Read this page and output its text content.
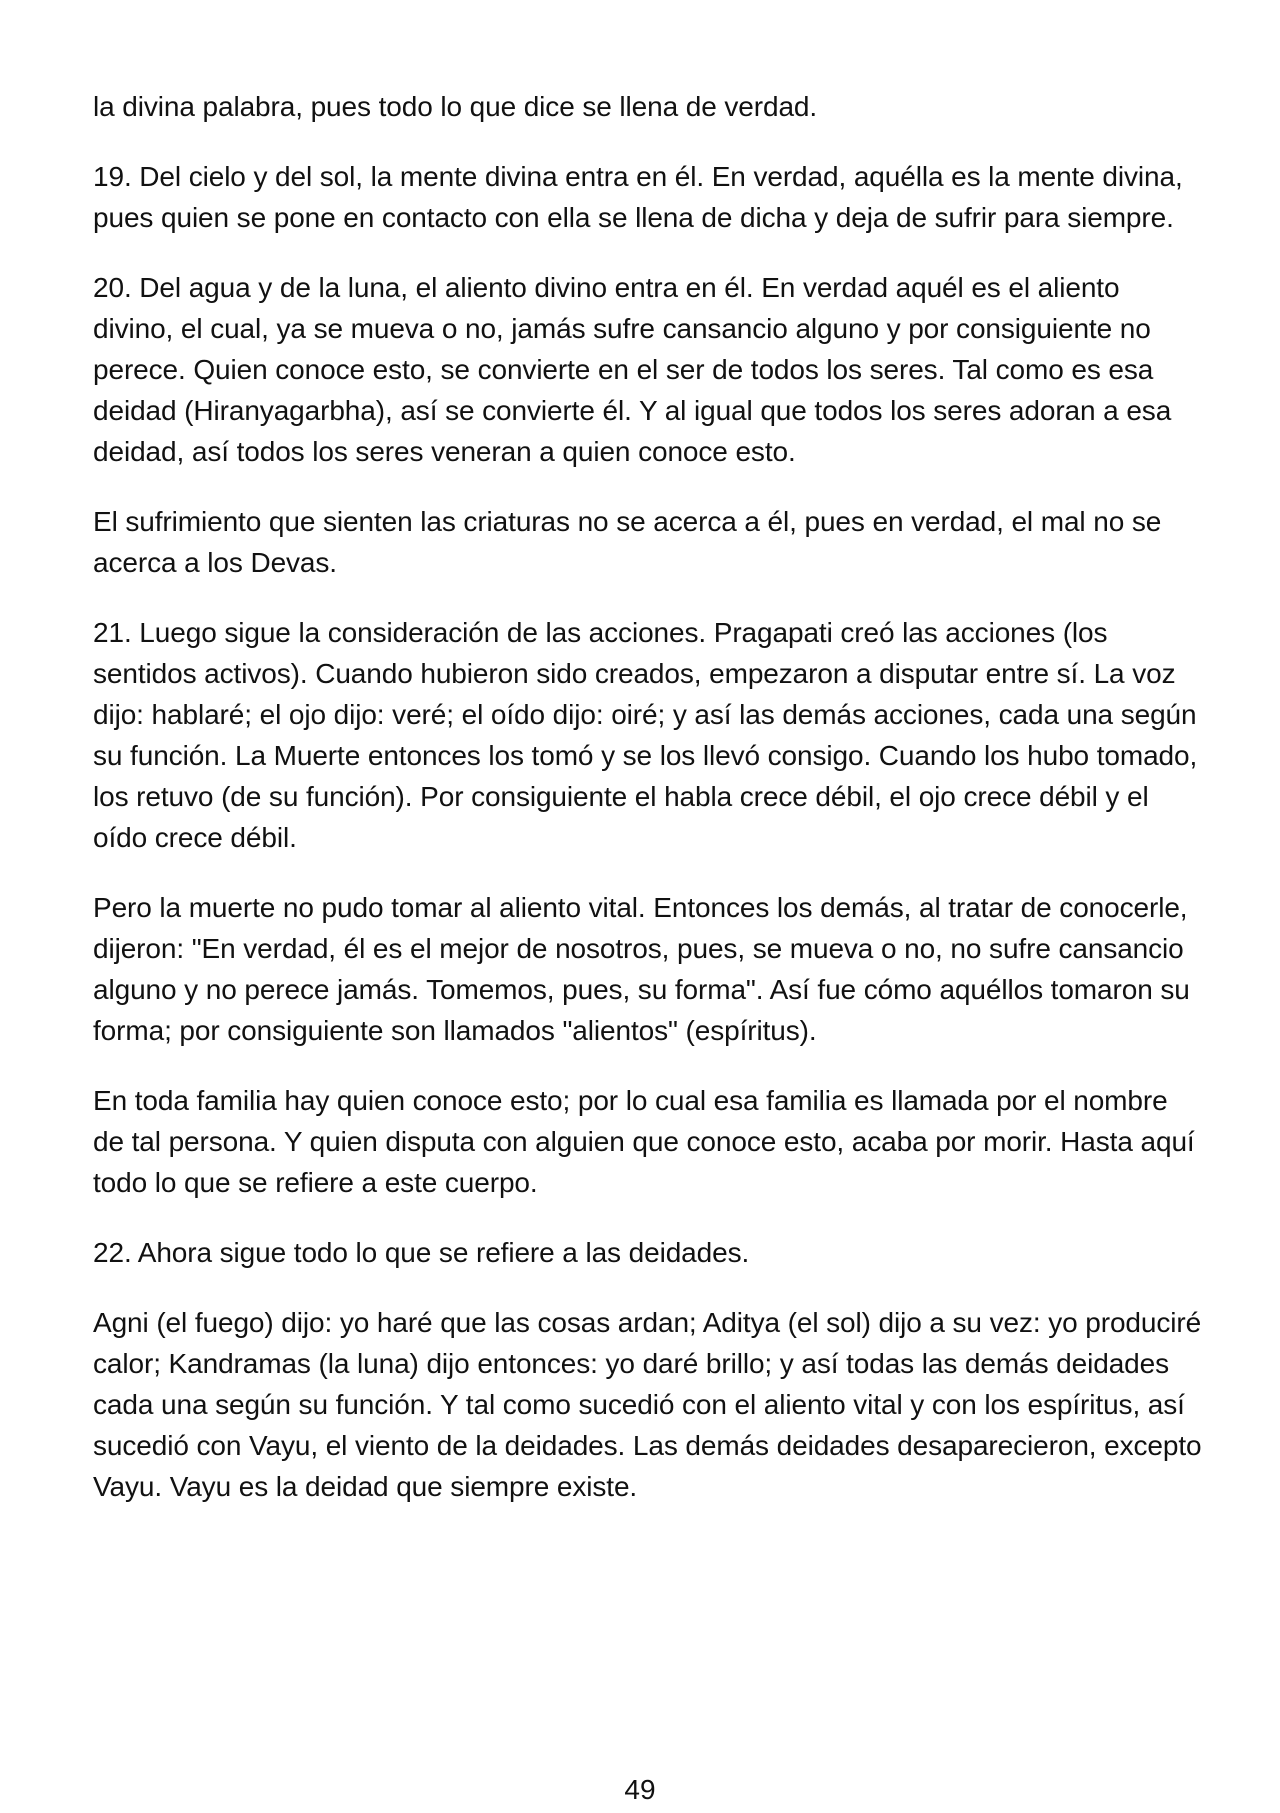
la divina palabra, pues todo lo que dice se llena de verdad.

19. Del cielo y del sol, la mente divina entra en él. En verdad, aquélla es la mente divina, pues quien se pone en contacto con ella se llena de dicha y deja de sufrir para siempre.

20. Del agua y de la luna, el aliento divino entra en él. En verdad aquél es el aliento divino, el cual, ya se mueva o no, jamás sufre cansancio alguno y por consiguiente no perece. Quien conoce esto, se convierte en el ser de todos los seres. Tal como es esa deidad (Hiranyagarbha), así se convierte él. Y al igual que todos los seres adoran a esa deidad, así todos los seres veneran a quien conoce esto.

El sufrimiento que sienten las criaturas no se acerca a él, pues en verdad, el mal no se acerca a los Devas.

21. Luego sigue la consideración de las acciones. Pragapati creó las acciones (los sentidos activos). Cuando hubieron sido creados, empezaron a disputar entre sí. La voz dijo: hablaré; el ojo dijo: veré; el oído dijo: oiré; y así las demás acciones, cada una según su función. La Muerte entonces los tomó y se los llevó consigo. Cuando los hubo tomado, los retuvo (de su función). Por consiguiente el habla crece débil, el ojo crece débil y el oído crece débil.

Pero la muerte no pudo tomar al aliento vital. Entonces los demás, al tratar de conocerle, dijeron: "En verdad, él es el mejor de nosotros, pues, se mueva o no, no sufre cansancio alguno y no perece jamás. Tomemos, pues, su forma". Así fue cómo aquéllos tomaron su forma; por consiguiente son llamados "alientos" (espíritus).

En toda familia hay quien conoce esto; por lo cual esa familia es llamada por el nombre de tal persona. Y quien disputa con alguien que conoce esto, acaba por morir. Hasta aquí todo lo que se refiere a este cuerpo.

22. Ahora sigue todo lo que se refiere a las deidades.

Agni (el fuego) dijo: yo haré que las cosas ardan; Aditya (el sol) dijo a su vez: yo produciré calor; Kandramas (la luna) dijo entonces: yo daré brillo; y así todas las demás deidades cada una según su función. Y tal como sucedió con el aliento vital y con los espíritus, así sucedió con Vayu, el viento de la deidades. Las demás deidades desaparecieron, excepto Vayu. Vayu es la deidad que siempre existe.

49
